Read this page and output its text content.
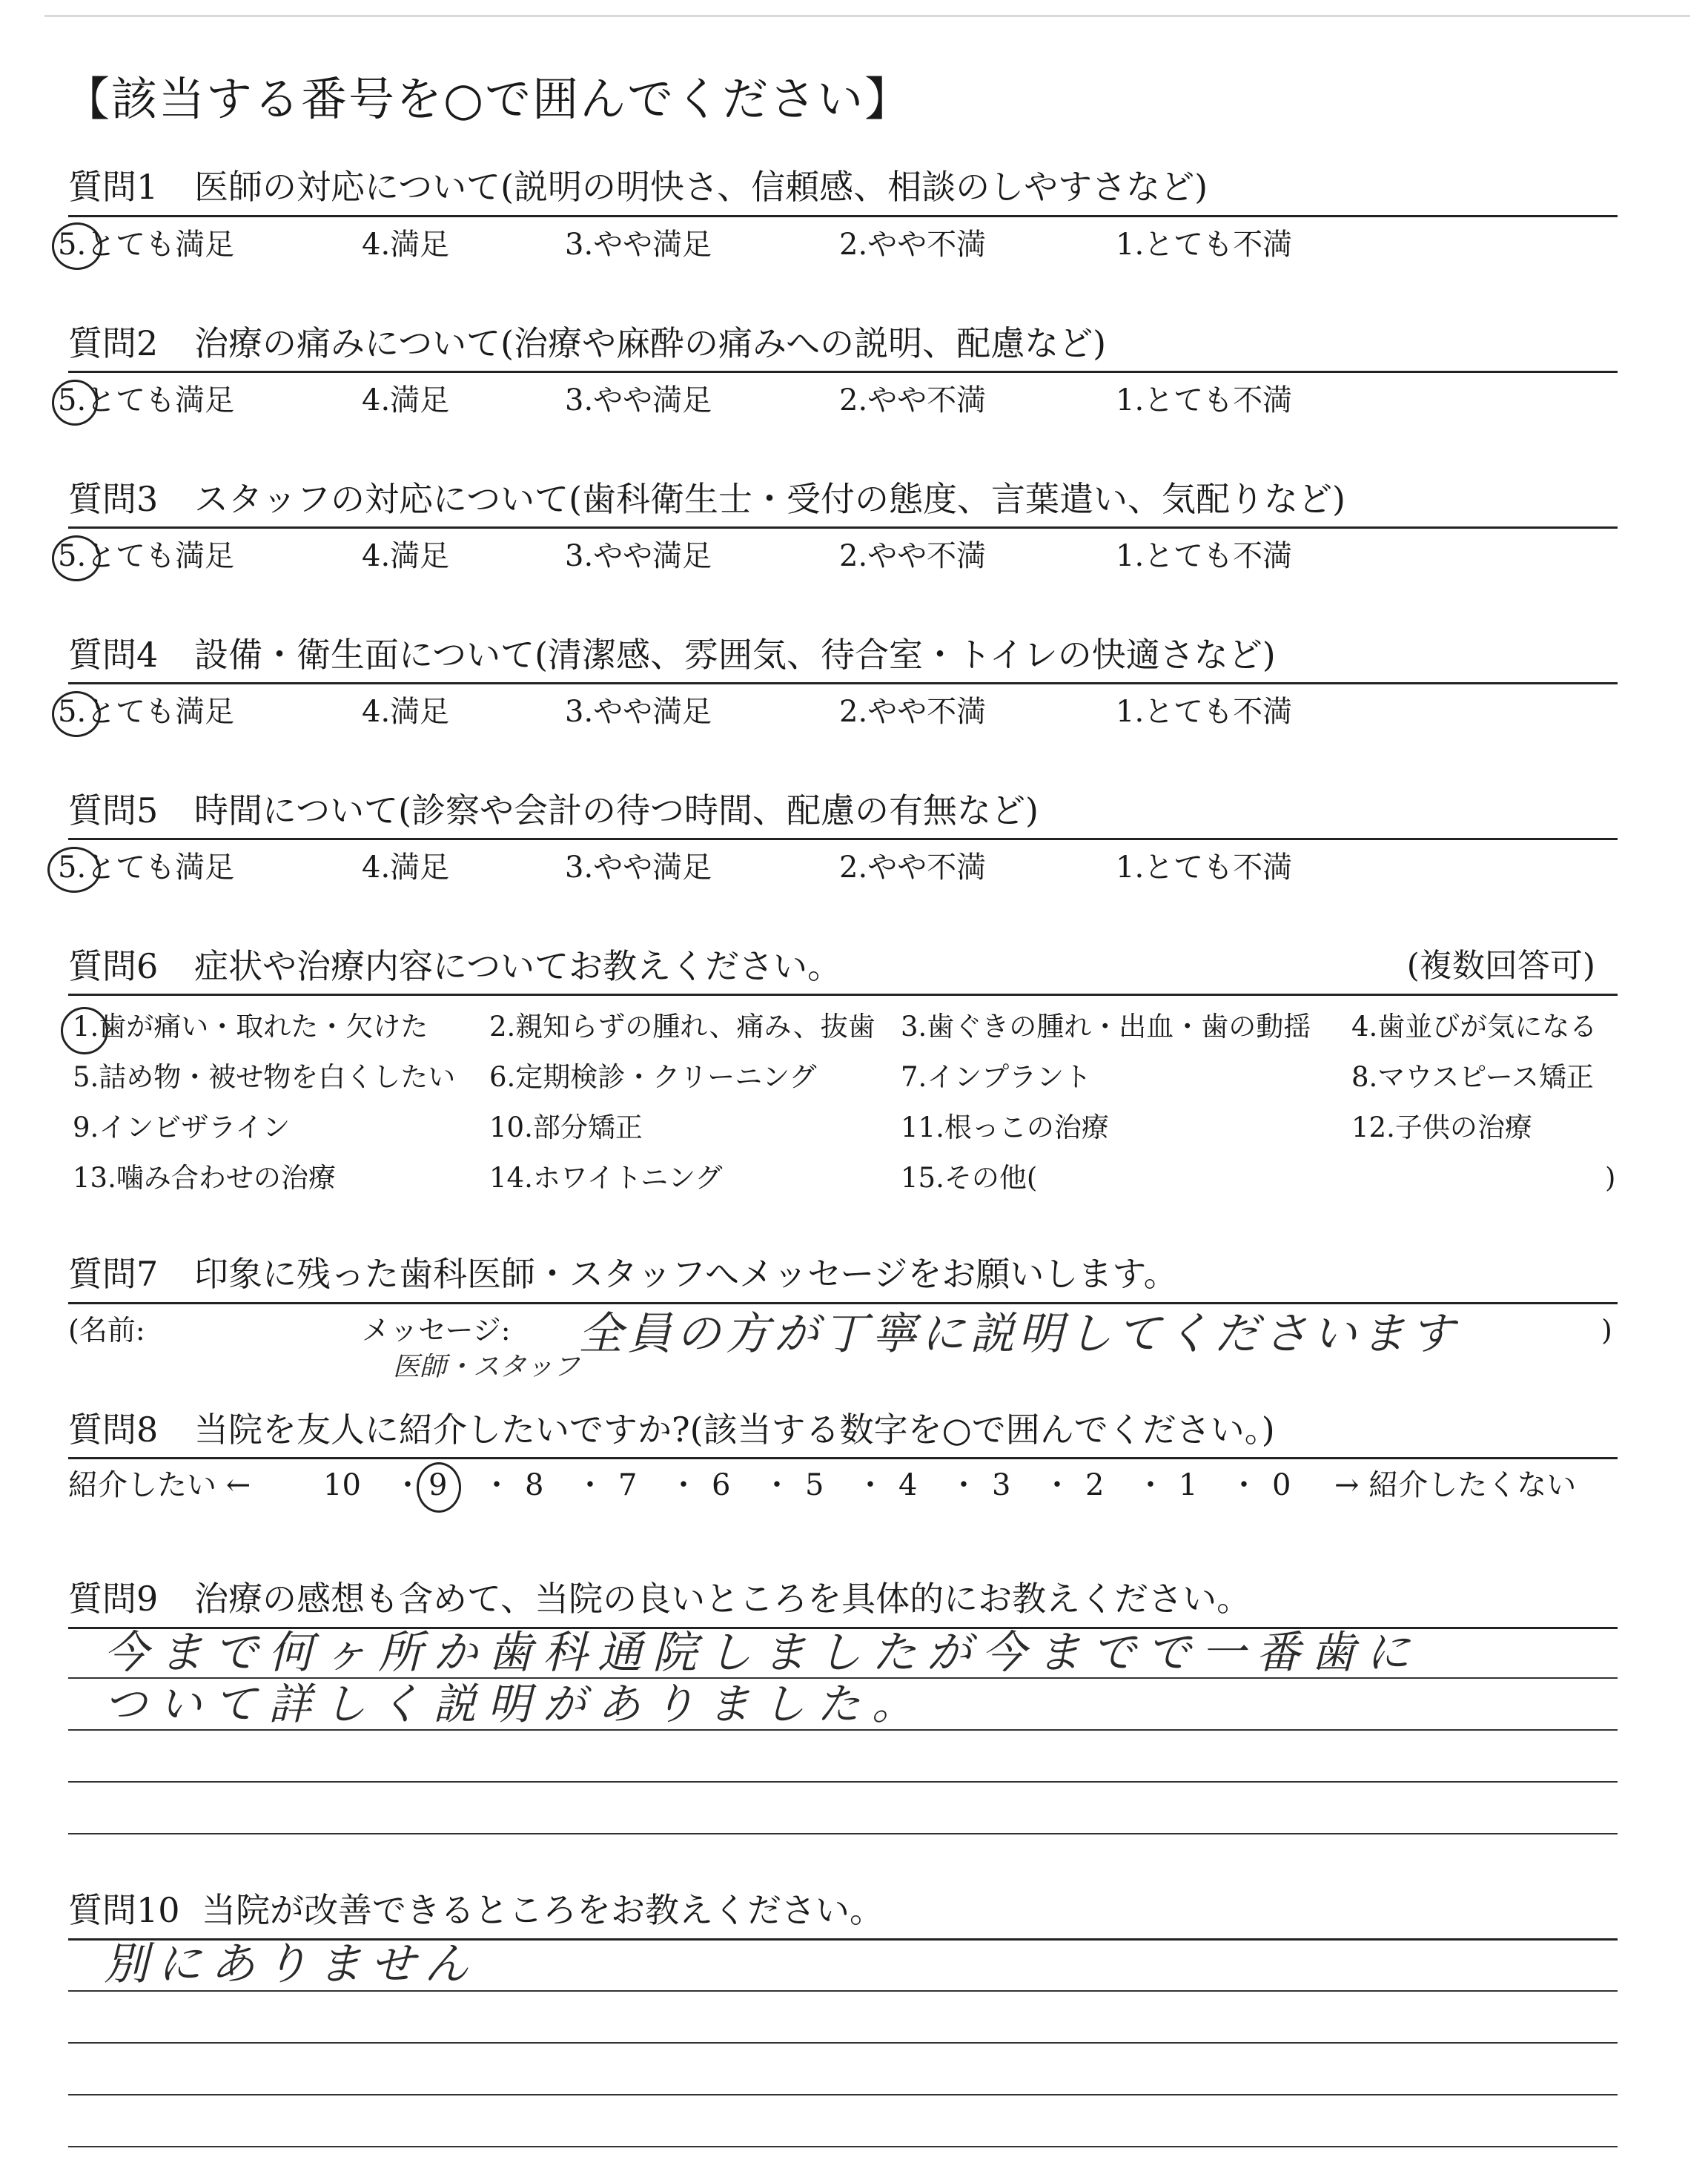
【該当する番号を○で囲んでください】
質問1 医師の対応について(説明の明快さ、信頼感、相談のしやすさなど)
5.とても満足	4.満足	3.やや満足	2.やや不満	1.とても不満
質問2 治療の痛みについて(治療や麻酔の痛みへの説明、配慮など)
5.とても満足	4.満足	3.やや満足	2.やや不満	1.とても不満
質問3 スタッフの対応について(歯科衛生士・受付の態度、言葉遣い、気配りなど)
5.とても満足	4.満足	3.やや満足	2.やや不満	1.とても不満
質問4 設備・衛生面について(清潔感、雰囲気、待合室・トイレの快適さなど)
5.とても満足	4.満足	3.やや満足	2.やや不満	1.とても不満
質問5 時間について(診察や会計の待つ時間、配慮の有無など)
5.とても満足	4.満足	3.やや満足	2.やや不満	1.とても不満
質問6 症状や治療内容についてお教えください。	(複数回答可)
1.歯が痛い・取れた・欠けた 2.親知らずの腫れ、痛み、抜歯 3.歯ぐきの腫れ・出血・歯の動揺 4.歯並びが気になる
5.詰め物・被せ物を白くしたい 6.定期検診・クリーニング	7.インプラント	8.マウスピース矯正
9.インビザライン	10.部分矯正	11.根っこの治療	12.子供の治療
13.噛み合わせの治療	14.ホワイトニング	15.その他(	)
質問7 印象に残った歯科医師・スタッフへメッセージをお願いします。
(名前:	メッセージ:	)
医師・スタッフ
全員の方が丁寧に説明してくださいます
質問8 当院を友人に紹介したいですか?(該当する数字を○で囲んでください。)
紹介したい ← 10 ・ 9 ・ 8 ・ 7 ・ 6 ・ 5 ・ 4 ・ 3 ・ 2 ・ 1 ・ 0 → 紹介したくない
質問9 治療の感想も含めて、当院の良いところを具体的にお教えください。
今まで何ヶ所か歯科通院しましたが今までで一番歯に
ついて詳しく説明がありました。
質問10 当院が改善できるところをお教えください。
別にありません
